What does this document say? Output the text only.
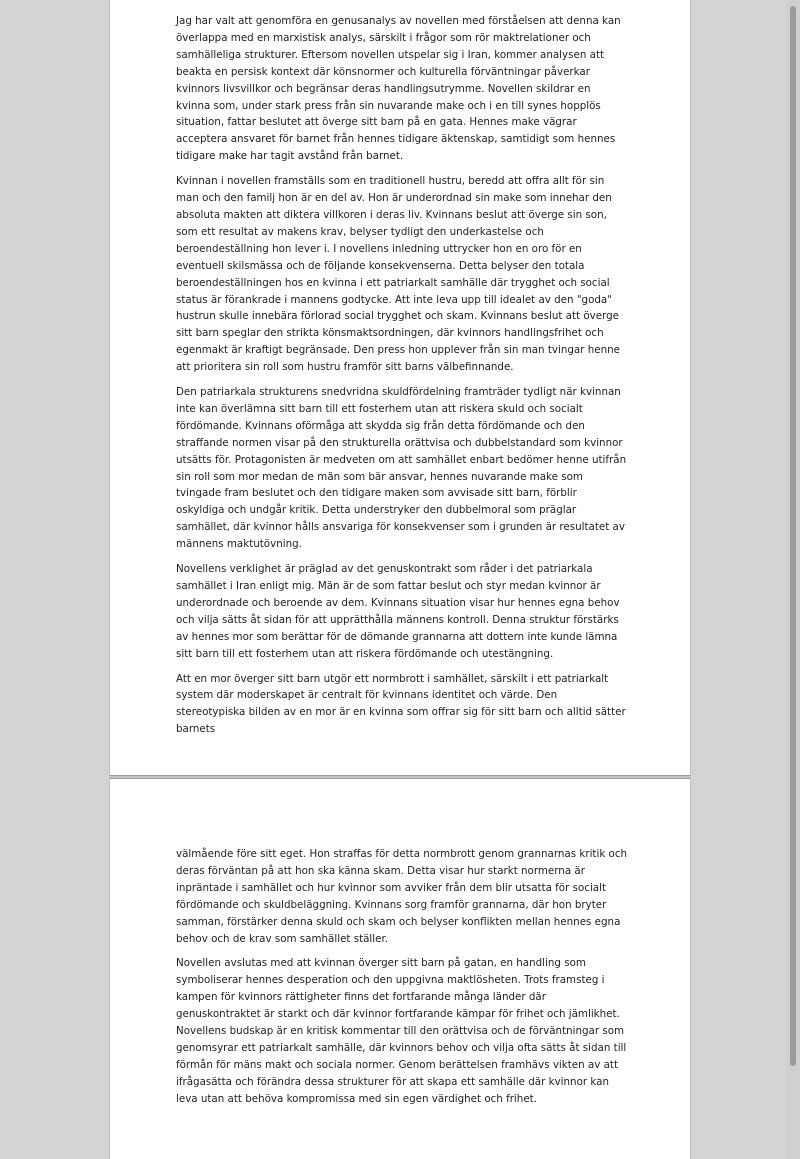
Jag har valt att genomföra en genusanalys av novellen med förståelsen att denna kan överlappa med en marxistisk analys, särskilt i frågor som rör maktrelationer och samhälleliga strukturer. Eftersom novellen utspelar sig i Iran, kommer analysen att beakta en persisk kontext där könsnormer och kulturella förväntningar påverkar kvinnors livsvillkor och begränsar deras handlingsutrymme. Novellen skildrar en kvinna som, under stark press från sin nuvarande make och i en till synes hopplös situation, fattar beslutet att överge sitt barn på en gata. Hennes make vägrar acceptera ansvaret för barnet från hennes tidigare äktenskap, samtidigt som hennes tidigare make har tagit avstånd från barnet.

Kvinnan i novellen framställs som en traditionell hustru, beredd att offra allt för sin man och den familj hon är en del av. Hon är underordnad sin make som innehar den absoluta makten att diktera villkoren i deras liv. Kvinnans beslut att överge sin son, som ett resultat av makens krav, belyser tydligt den underkastelse och beroendeställning hon lever i. I novellens inledning uttrycker hon en oro för en eventuell skilsmässa och de följande konsekvenserna. Detta belyser den totala beroendeställningen hos en kvinna i ett patriarkalt samhälle där trygghet och social status är förankrade i mannens godtycke. Att inte leva upp till idealet av den "goda" hustrun skulle innebära förlorad social trygghet och skam. Kvinnans beslut att överge sitt barn speglar den strikta könsmaktsordningen, där kvinnors handlingsfrihet och egenmakt är kraftigt begränsade. Den press hon upplever från sin man tvingar henne att prioritera sin roll som hustru framför sitt barns välbefinnande.

Den patriarkala strukturens snedvridna skuldfördelning framträder tydligt när kvinnan inte kan överlämna sitt barn till ett fosterhem utan att riskera skuld och socialt fördömande. Kvinnans oförmåga att skydda sig från detta fördömande och den straffande normen visar på den strukturella orättvisa och dubbelstandard som kvinnor utsätts för. Protagonisten är medveten om att samhället enbart bedömer henne utifrån sin roll som mor medan de män som bär ansvar, hennes nuvarande make som tvingade fram beslutet och den tidigare maken som avvisade sitt barn, förblir oskyldiga och undgår kritik. Detta understryker den dubbelmoral som präglar samhället, där kvinnor hålls ansvariga för konsekvenser som i grunden är resultatet av männens maktutövning.

Novellens verklighet är präglad av det genuskontrakt som råder i det patriarkala samhället i Iran enligt mig. Män är de som fattar beslut och styr medan kvinnor är underordnade och beroende av dem. Kvinnans situation visar hur hennes egna behov och vilja sätts åt sidan för att upprätthålla männens kontroll. Denna struktur förstärks av hennes mor som berättar för de dömande grannarna att dottern inte kunde lämna sitt barn till ett fosterhem utan att riskera fördömande och utestängning.

Att en mor överger sitt barn utgör ett normbrott i samhället, särskilt i ett patriarkalt system där moderskapet är centralt för kvinnans identitet och värde. Den stereotypiska bilden av en mor är en kvinna som offrar sig för sitt barn och alltid sätter barnets

välmående före sitt eget. Hon straffas för detta normbrott genom grannarnas kritik och deras förväntan på att hon ska känna skam. Detta visar hur starkt normerna är inpräntade i samhället och hur kvinnor som avviker från dem blir utsatta för socialt fördömande och skuldbeläggning. Kvinnans sorg framför grannarna, där hon bryter samman, förstärker denna skuld och skam och belyser konflikten mellan hennes egna behov och de krav som samhället ställer.

Novellen avslutas med att kvinnan överger sitt barn på gatan, en handling som symboliserar hennes desperation och den uppgivna maktlösheten. Trots framsteg i kampen för kvinnors rättigheter finns det fortfarande många länder där genuskontraktet är starkt och där kvinnor fortfarande kämpar för frihet och jämlikhet. Novellens budskap är en kritisk kommentar till den orättvisa och de förväntningar som genomsyrar ett patriarkalt samhälle, där kvinnors behov och vilja ofta sätts åt sidan till förmån för mäns makt och sociala normer. Genom berättelsen framhävs vikten av att ifrågasätta och förändra dessa strukturer för att skapa ett samhälle där kvinnor kan leva utan att behöva kompromissa med sin egen värdighet och frihet.
